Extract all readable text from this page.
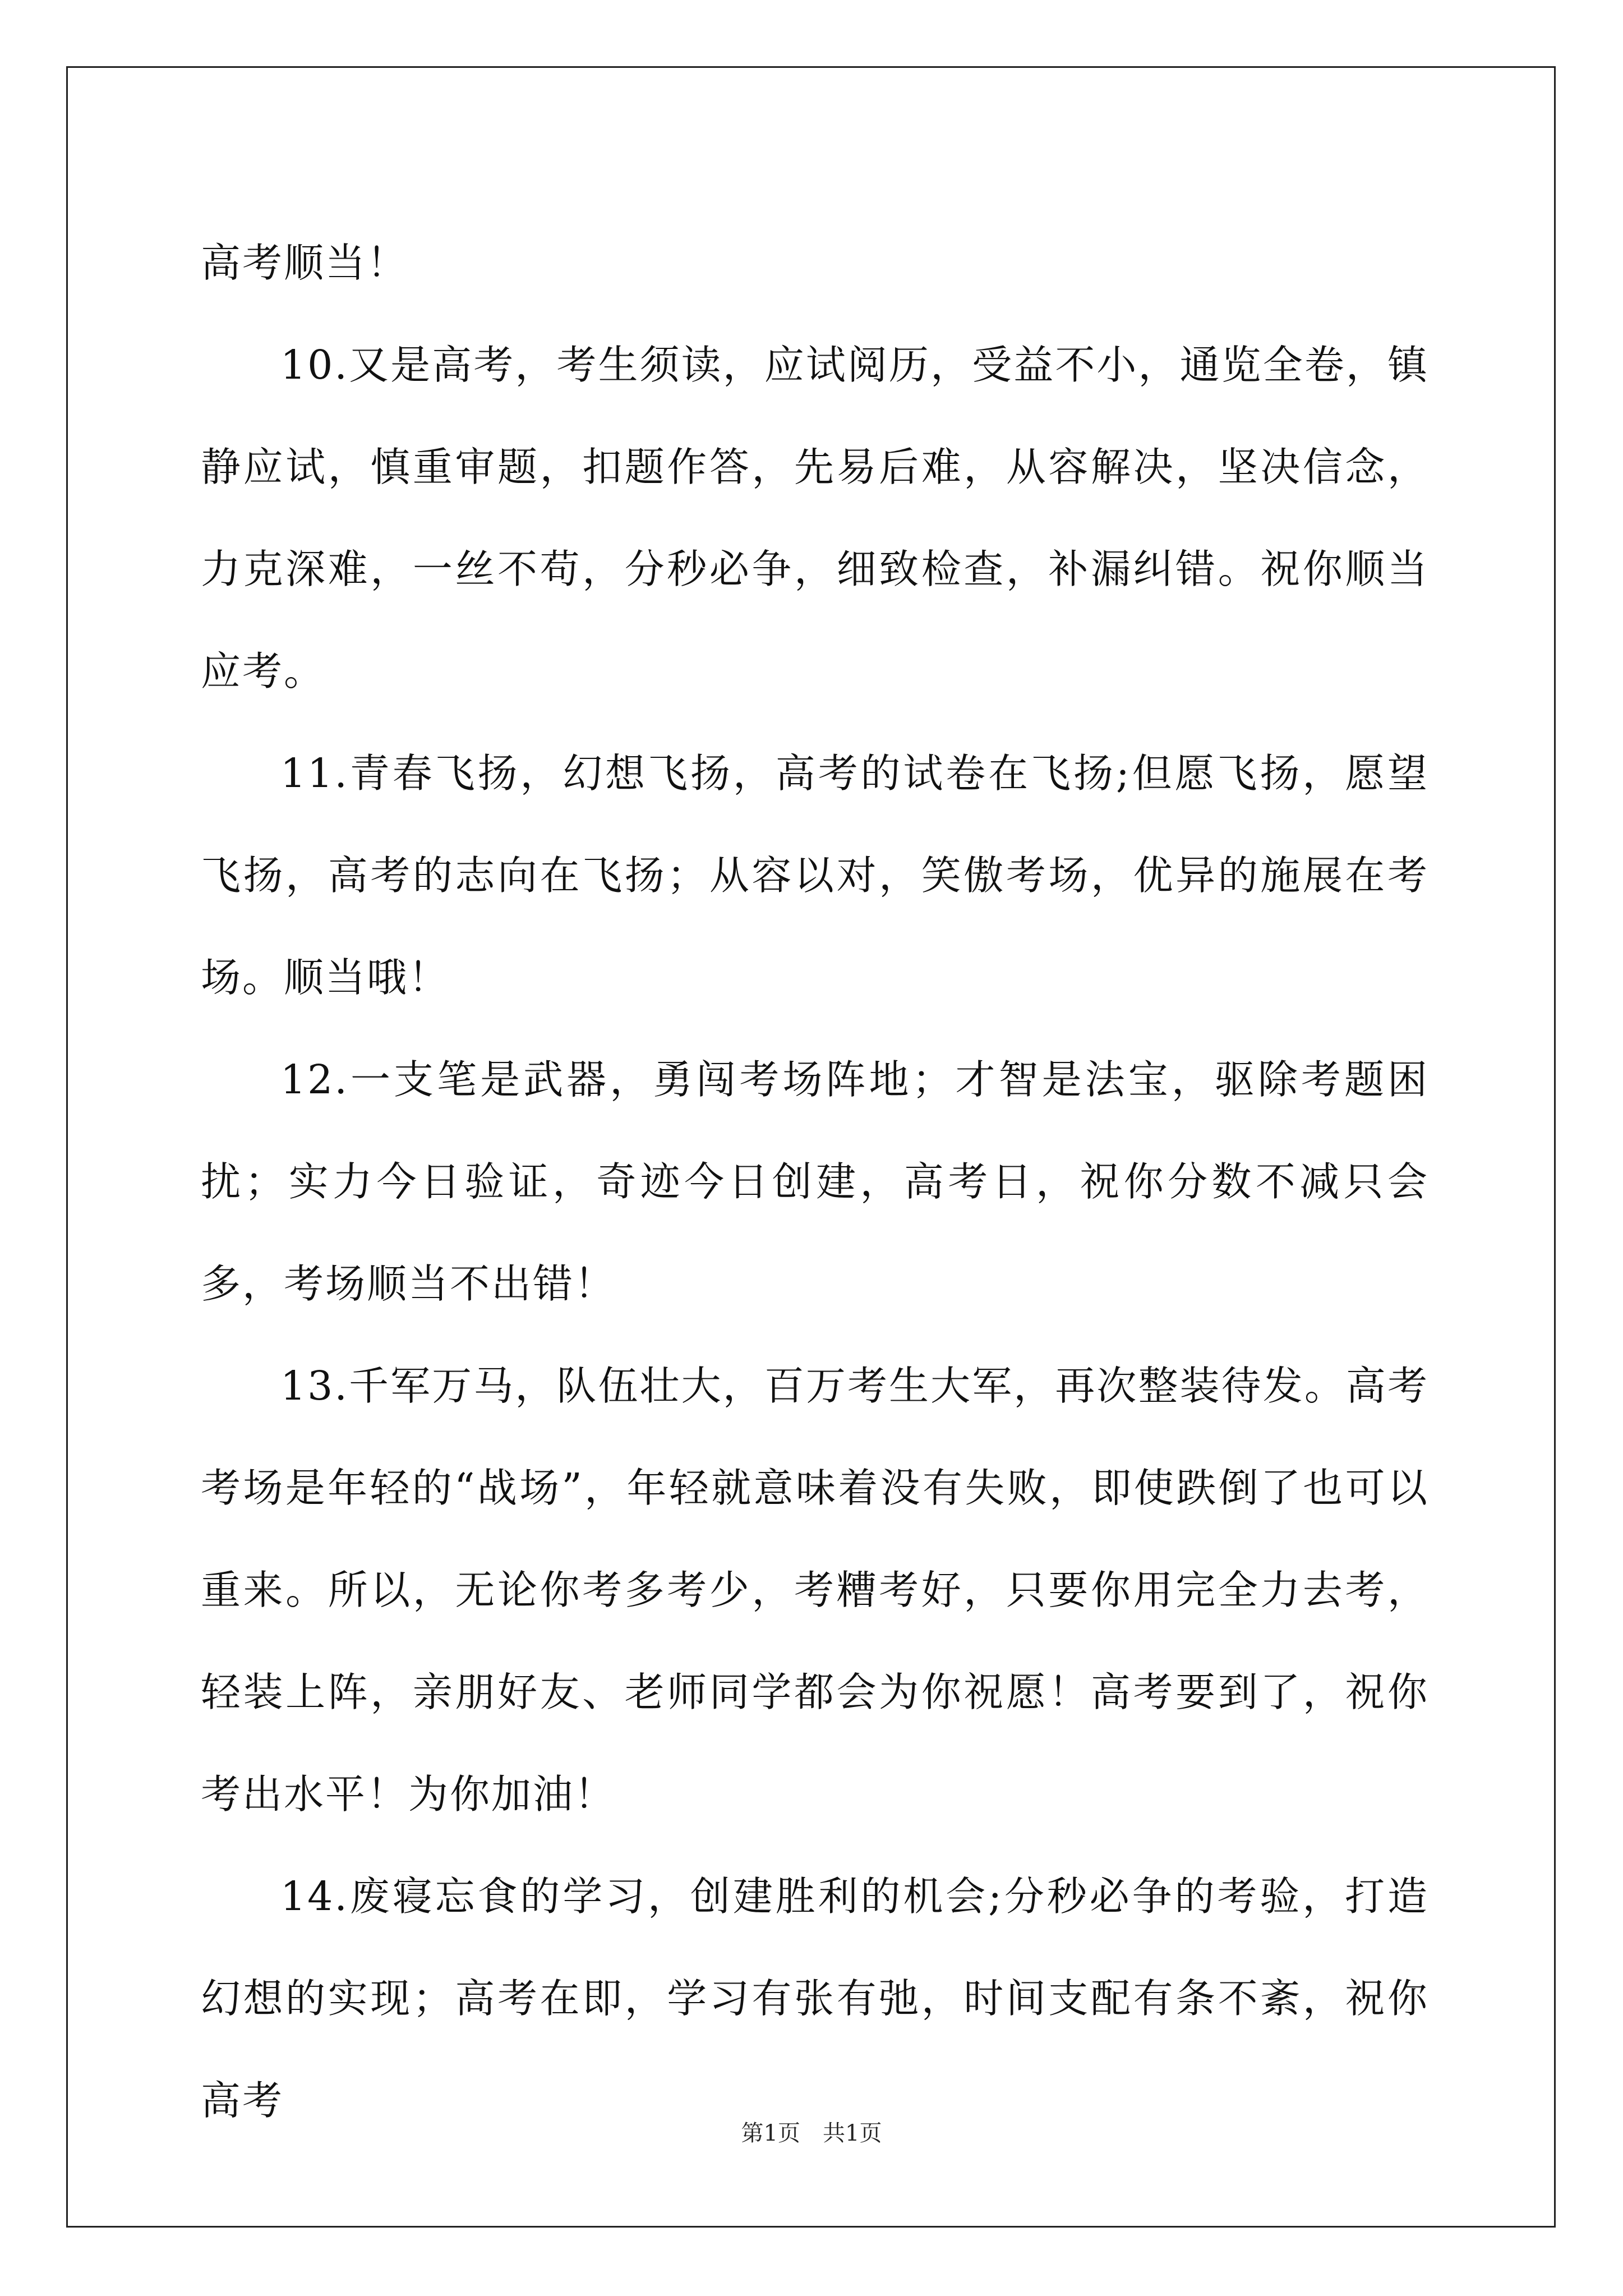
高考顺当！

10.又是高考，考生须读，应试阅历，受益不小，通览全卷，镇静应试，慎重审题，扣题作答，先易后难，从容解决，坚决信念，力克深难，一丝不苟，分秒必争，细致检查，补漏纠错。祝你顺当应考。

11.青春飞扬，幻想飞扬，高考的试卷在飞扬;但愿飞扬，愿望飞扬，高考的志向在飞扬；从容以对，笑傲考场，优异的施展在考场。顺当哦！

12.一支笔是武器，勇闯考场阵地；才智是法宝，驱除考题困扰；实力今日验证，奇迹今日创建，高考日，祝你分数不减只会多，考场顺当不出错！

13.千军万马，队伍壮大，百万考生大军，再次整装待发。高考考场是年轻的“战场”，年轻就意味着没有失败，即使跌倒了也可以重来。所以，无论你考多考少，考糟考好，只要你用完全力去考，轻装上阵，亲朋好友、老师同学都会为你祝愿！高考要到了，祝你考出水平！为你加油！

14.废寝忘食的学习，创建胜利的机会;分秒必争的考验，打造幻想的实现；高考在即，学习有张有弛，时间支配有条不紊，祝你高考

第1页　共1页
